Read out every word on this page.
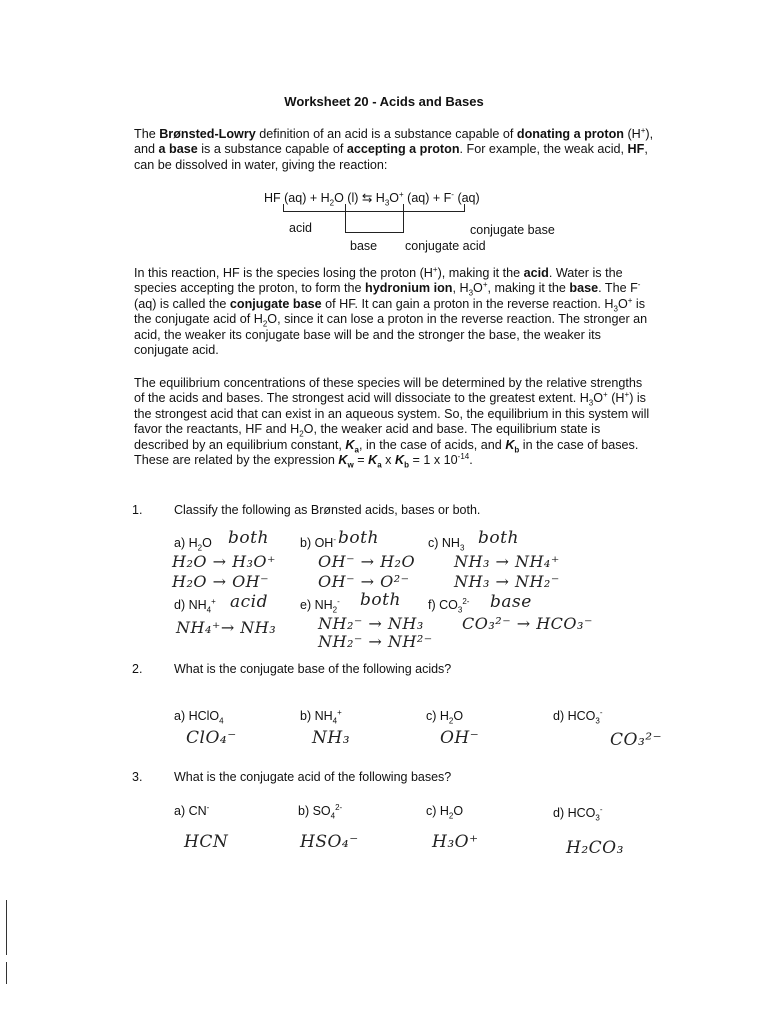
Worksheet 20 - Acids and Bases
The Brønsted-Lowry definition of an acid is a substance capable of donating a proton (H+), and a base is a substance capable of accepting a proton. For example, the weak acid, HF, can be dissolved in water, giving the reaction:
HF $(aq) + H_2O$ (l) ⇆ $H_3O^+$ (aq) + F- (aq)
acid	conjugate base
base conjugate acid
In this reaction, HF is the species losing the proton (H+), making it the acid. Water is the species accepting the proton, to form the hydronium ion, $H_3O^+$, making it the base. The F- (aq) is called the conjugate base of HF. It can gain a proton in the reverse reaction. $H_3O^+$ is the conjugate acid of $H_2O$, since it can lose a proton in the reverse reaction. The stronger an acid, the weaker its conjugate base will be and the stronger the base, the weaker its conjugate acid.
The equilibrium concentrations of these species will be determined by the relative strengths of the acids and bases. The strongest acid will dissociate to the greatest extent. $H_3O^+$ (H+) is the strongest acid that can exist in an aqueous system. So, the equilibrium in this system will favor the reactants, HF and $H_2O$, the weaker acid and base. The equilibrium state is described by an equilibrium constant, $K_a$, in the case of acids, and $K_b$ in the case of bases. These are related by the expression $K_w = K_a$ x $K_b = 1$ x $10^{-14}$.
1.	Classify the following as Brønsted acids, bases or both.
a) $H_2O$ both
H₂O → H₃O⁺
H₂O → OH⁻
b) OH- both
OH⁻ → H₂O
OH⁻ → O²⁻
c) $NH_3$ both
NH₃ → NH₄⁺
NH₃ → NH₂⁻
d) $NH_4^+$ acid
NH₄⁺→ NH₃
e) $NH_2^-$ both
NH₂⁻ → NH₃
NH₂⁻ → NH²⁻
f) $CO_3^{2-}$ base
CO₃²⁻ → HCO₃⁻
2.	What is the conjugate base of the following acids?
a) HClO$_4$
ClO₄⁻
b) $NH_4^+$
NH₃
c) $H_2O$
OH⁻
d) $HCO_3^-$
CO₃²⁻
3.	What is the conjugate acid of the following bases?
a) CN-
HCN
b) $SO_4^{2-}$
HSO₄⁻
c) $H_2O$
H₃O⁺
d) $HCO_3^-$
H₂CO₃
